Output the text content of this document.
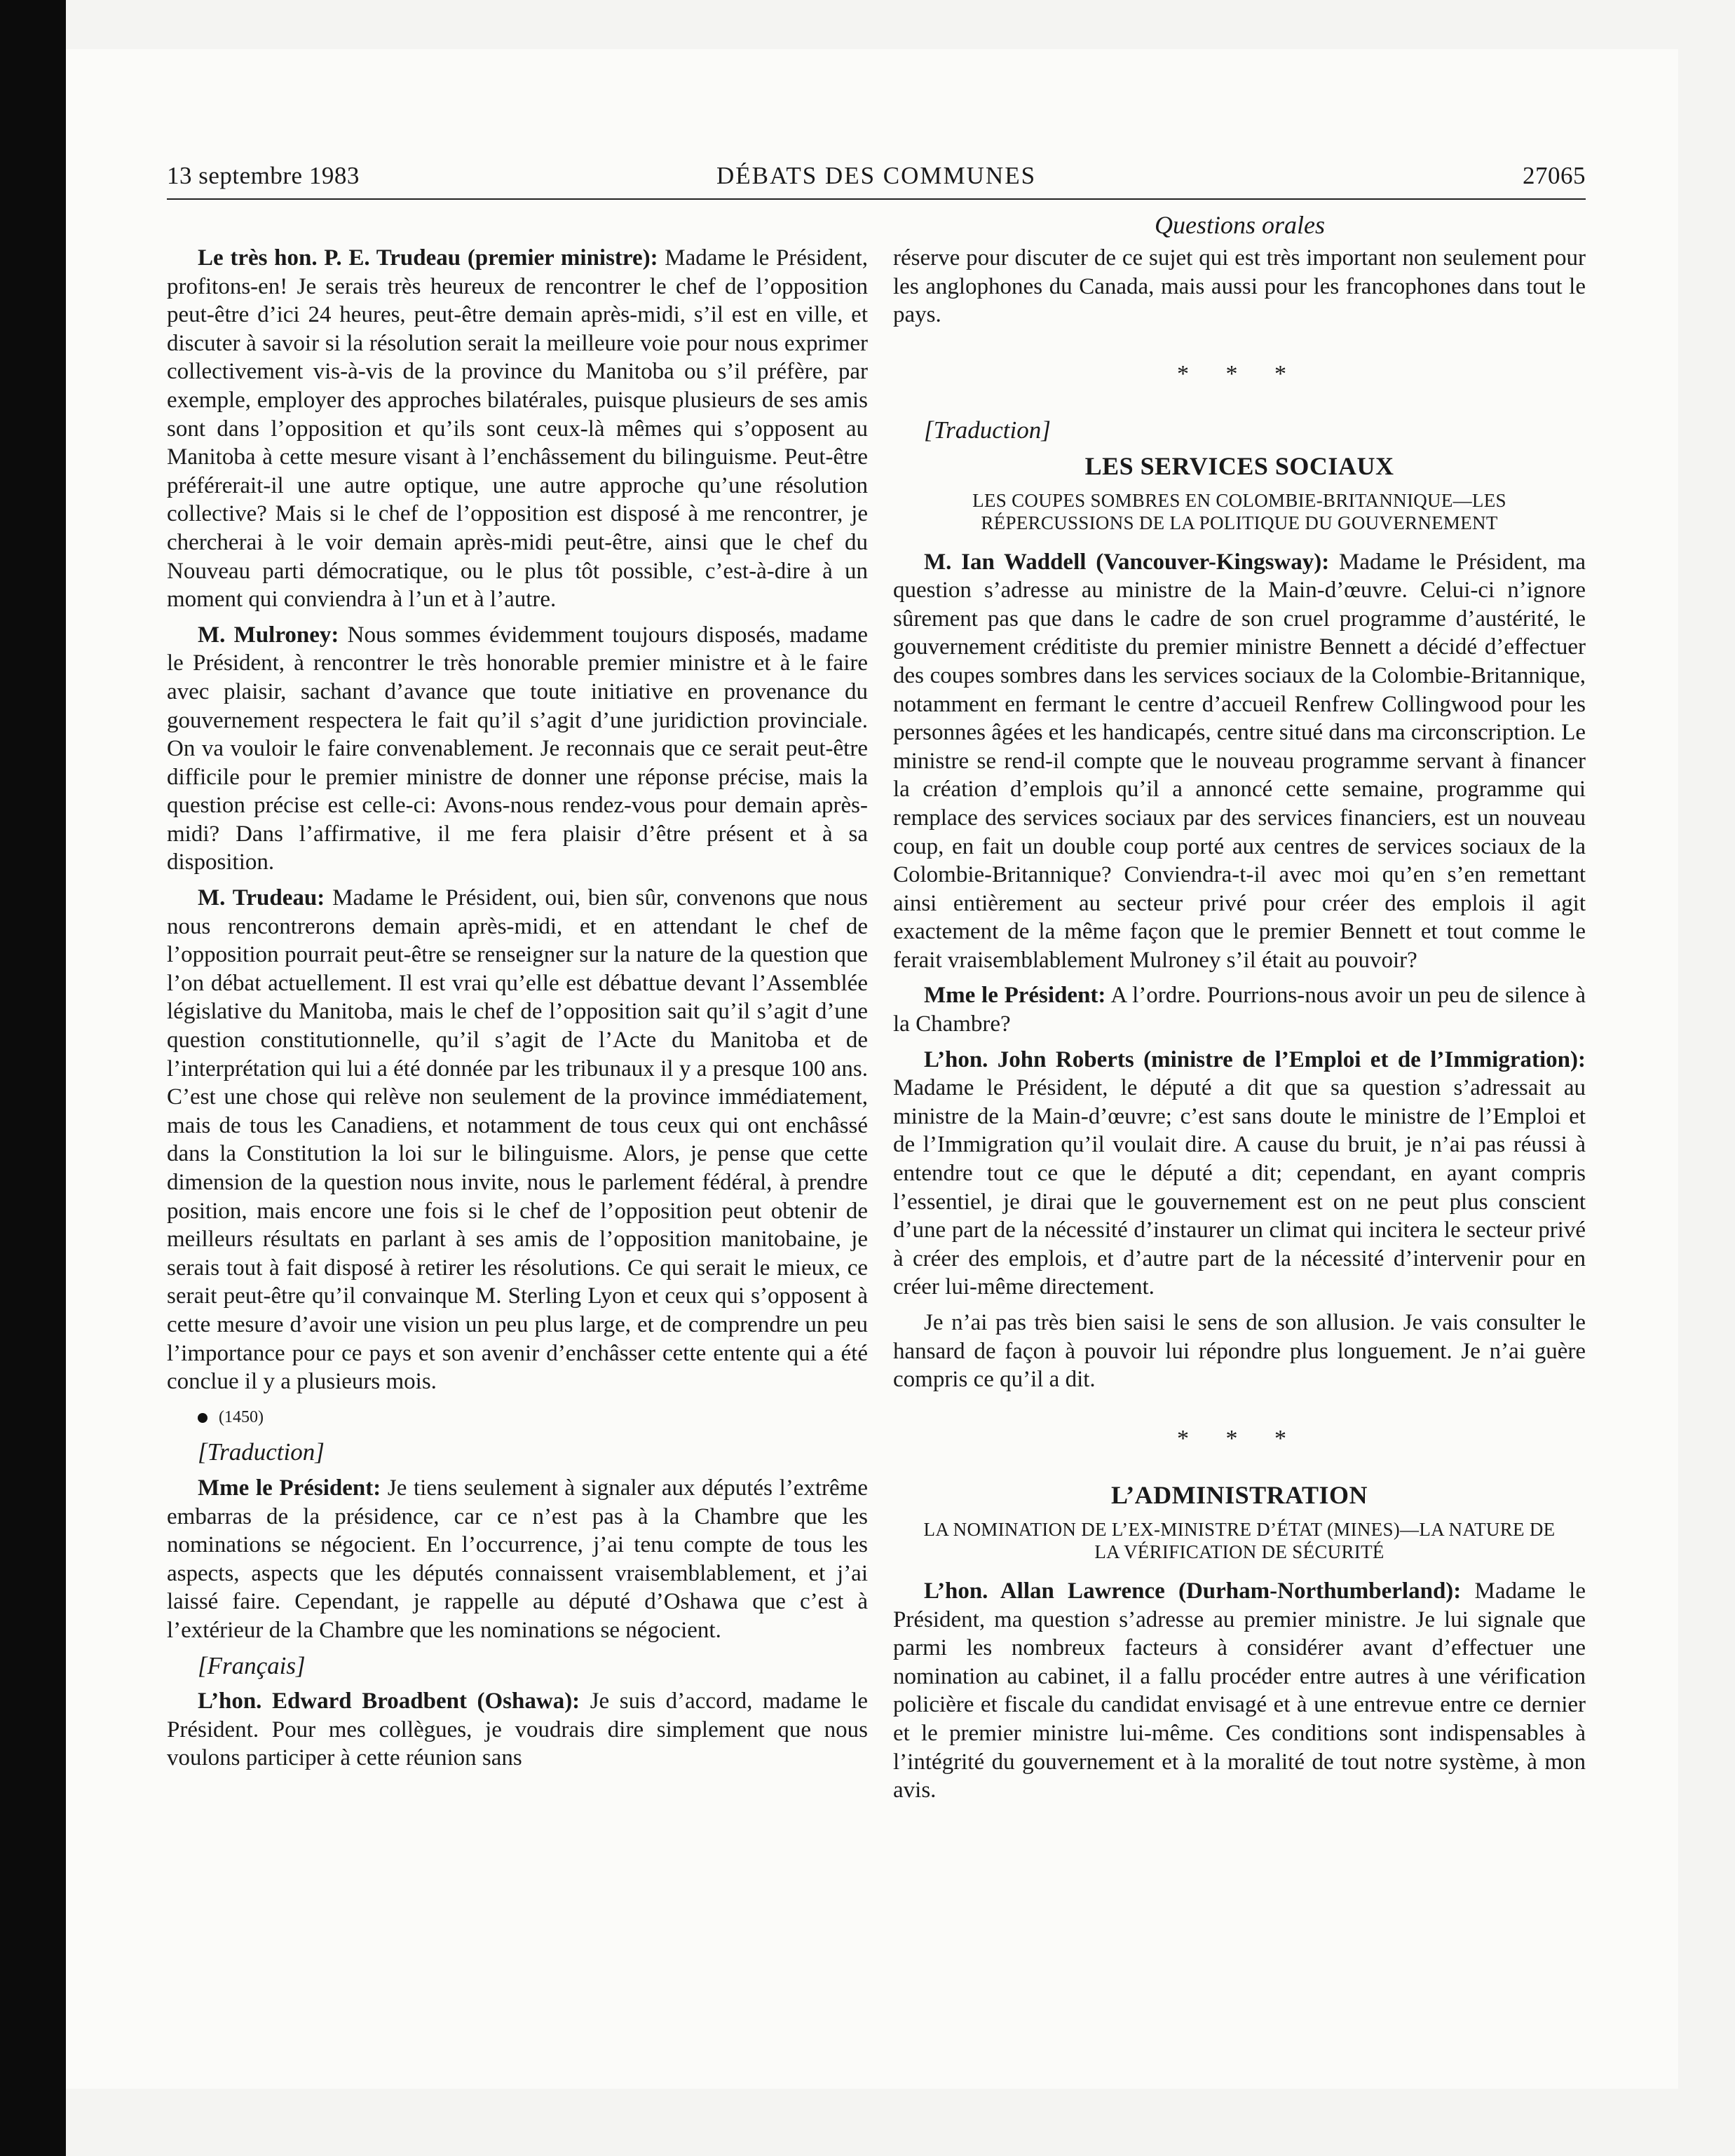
13 septembre 1983	DÉBATS DES COMMUNES	27065
Questions orales

Le très hon. P. E. Trudeau (premier ministre): Madame le Président, profitons-en! Je serais très heureux de rencontrer le chef de l’opposition peut-être d’ici 24 heures, peut-être demain après-midi, s’il est en ville, et discuter à savoir si la résolution serait la meilleure voie pour nous exprimer collectivement vis-à-vis de la province du Manitoba ou s’il préfère, par exemple, employer des approches bilatérales, puisque plusieurs de ses amis sont dans l’opposition et qu’ils sont ceux-là mêmes qui s’opposent au Manitoba à cette mesure visant à l’enchâssement du bilinguisme. Peut-être préférerait-il une autre optique, une autre approche qu’une résolution collective? Mais si le chef de l’opposition est disposé à me rencontrer, je chercherai à le voir demain après-midi peut-être, ainsi que le chef du Nouveau parti démocratique, ou le plus tôt possible, c’est-à-dire à un moment qui conviendra à l’un et à l’autre.

M. Mulroney: Nous sommes évidemment toujours disposés, madame le Président, à rencontrer le très honorable premier ministre et à le faire avec plaisir, sachant d’avance que toute initiative en provenance du gouvernement respectera le fait qu’il s’agit d’une juridiction provinciale. On va vouloir le faire convenablement. Je reconnais que ce serait peut-être difficile pour le premier ministre de donner une réponse précise, mais la question précise est celle-ci: Avons-nous rendez-vous pour demain après-midi? Dans l’affirmative, il me fera plaisir d’être présent et à sa disposition.

M. Trudeau: Madame le Président, oui, bien sûr, convenons que nous nous rencontrerons demain après-midi, et en attendant le chef de l’opposition pourrait peut-être se renseigner sur la nature de la question que l’on débat actuellement. Il est vrai qu’elle est débattue devant l’Assemblée législative du Manitoba, mais le chef de l’opposition sait qu’il s’agit d’une question constitutionnelle, qu’il s’agit de l’Acte du Manitoba et de l’interprétation qui lui a été donnée par les tribunaux il y a presque 100 ans. C’est une chose qui relève non seulement de la province immédiatement, mais de tous les Canadiens, et notamment de tous ceux qui ont enchâssé dans la Constitution la loi sur le bilinguisme. Alors, je pense que cette dimension de la question nous invite, nous le parlement fédéral, à prendre position, mais encore une fois si le chef de l’opposition peut obtenir de meilleurs résultats en parlant à ses amis de l’opposition manitobaine, je serais tout à fait disposé à retirer les résolutions. Ce qui serait le mieux, ce serait peut-être qu’il convainque M. Sterling Lyon et ceux qui s’opposent à cette mesure d’avoir une vision un peu plus large, et de comprendre un peu l’importance pour ce pays et son avenir d’enchâsser cette entente qui a été conclue il y a plusieurs mois.

(1450)

[Traduction]

Mme le Président: Je tiens seulement à signaler aux députés l’extrême embarras de la présidence, car ce n’est pas à la Chambre que les nominations se négocient. En l’occurrence, j’ai tenu compte de tous les aspects, aspects que les députés connaissent vraisemblablement, et j’ai laissé faire. Cependant, je rappelle au député d’Oshawa que c’est à l’extérieur de la Chambre que les nominations se négocient.

[Français]

L’hon. Edward Broadbent (Oshawa): Je suis d’accord, madame le Président. Pour mes collègues, je voudrais dire simplement que nous voulons participer à cette réunion sans

réserve pour discuter de ce sujet qui est très important non seulement pour les anglophones du Canada, mais aussi pour les francophones dans tout le pays.

* * *

[Traduction]

LES SERVICES SOCIAUX
LES COUPES SOMBRES EN COLOMBIE-BRITANNIQUE—LES RÉPERCUSSIONS DE LA POLITIQUE DU GOUVERNEMENT

M. Ian Waddell (Vancouver-Kingsway): Madame le Président, ma question s’adresse au ministre de la Main-d’œuvre. Celui-ci n’ignore sûrement pas que dans le cadre de son cruel programme d’austérité, le gouvernement créditiste du premier ministre Bennett a décidé d’effectuer des coupes sombres dans les services sociaux de la Colombie-Britannique, notamment en fermant le centre d’accueil Renfrew Collingwood pour les personnes âgées et les handicapés, centre situé dans ma circonscription. Le ministre se rend-il compte que le nouveau programme servant à financer la création d’emplois qu’il a annoncé cette semaine, programme qui remplace des services sociaux par des services financiers, est un nouveau coup, en fait un double coup porté aux centres de services sociaux de la Colombie-Britannique? Conviendra-t-il avec moi qu’en s’en remettant ainsi entièrement au secteur privé pour créer des emplois il agit exactement de la même façon que le premier Bennett et tout comme le ferait vraisemblablement Mulroney s’il était au pouvoir?

Mme le Président: A l’ordre. Pourrions-nous avoir un peu de silence à la Chambre?

L’hon. John Roberts (ministre de l’Emploi et de l’Immigration): Madame le Président, le député a dit que sa question s’adressait au ministre de la Main-d’œuvre; c’est sans doute le ministre de l’Emploi et de l’Immigration qu’il voulait dire. A cause du bruit, je n’ai pas réussi à entendre tout ce que le député a dit; cependant, en ayant compris l’essentiel, je dirai que le gouvernement est on ne peut plus conscient d’une part de la nécessité d’instaurer un climat qui incitera le secteur privé à créer des emplois, et d’autre part de la nécessité d’intervenir pour en créer lui-même directement.

Je n’ai pas très bien saisi le sens de son allusion. Je vais consulter le hansard de façon à pouvoir lui répondre plus longuement. Je n’ai guère compris ce qu’il a dit.

* * *
L’ADMINISTRATION
LA NOMINATION DE L’EX-MINISTRE D’ÉTAT (MINES)—LA NATURE DE LA VÉRIFICATION DE SÉCURITÉ

L’hon. Allan Lawrence (Durham-Northumberland): Madame le Président, ma question s’adresse au premier ministre. Je lui signale que parmi les nombreux facteurs à considérer avant d’effectuer une nomination au cabinet, il a fallu procéder entre autres à une vérification policière et fiscale du candidat envisagé et à une entrevue entre ce dernier et le premier ministre lui-même. Ces conditions sont indispensables à l’intégrité du gouvernement et à la moralité de tout notre système, à mon avis.
